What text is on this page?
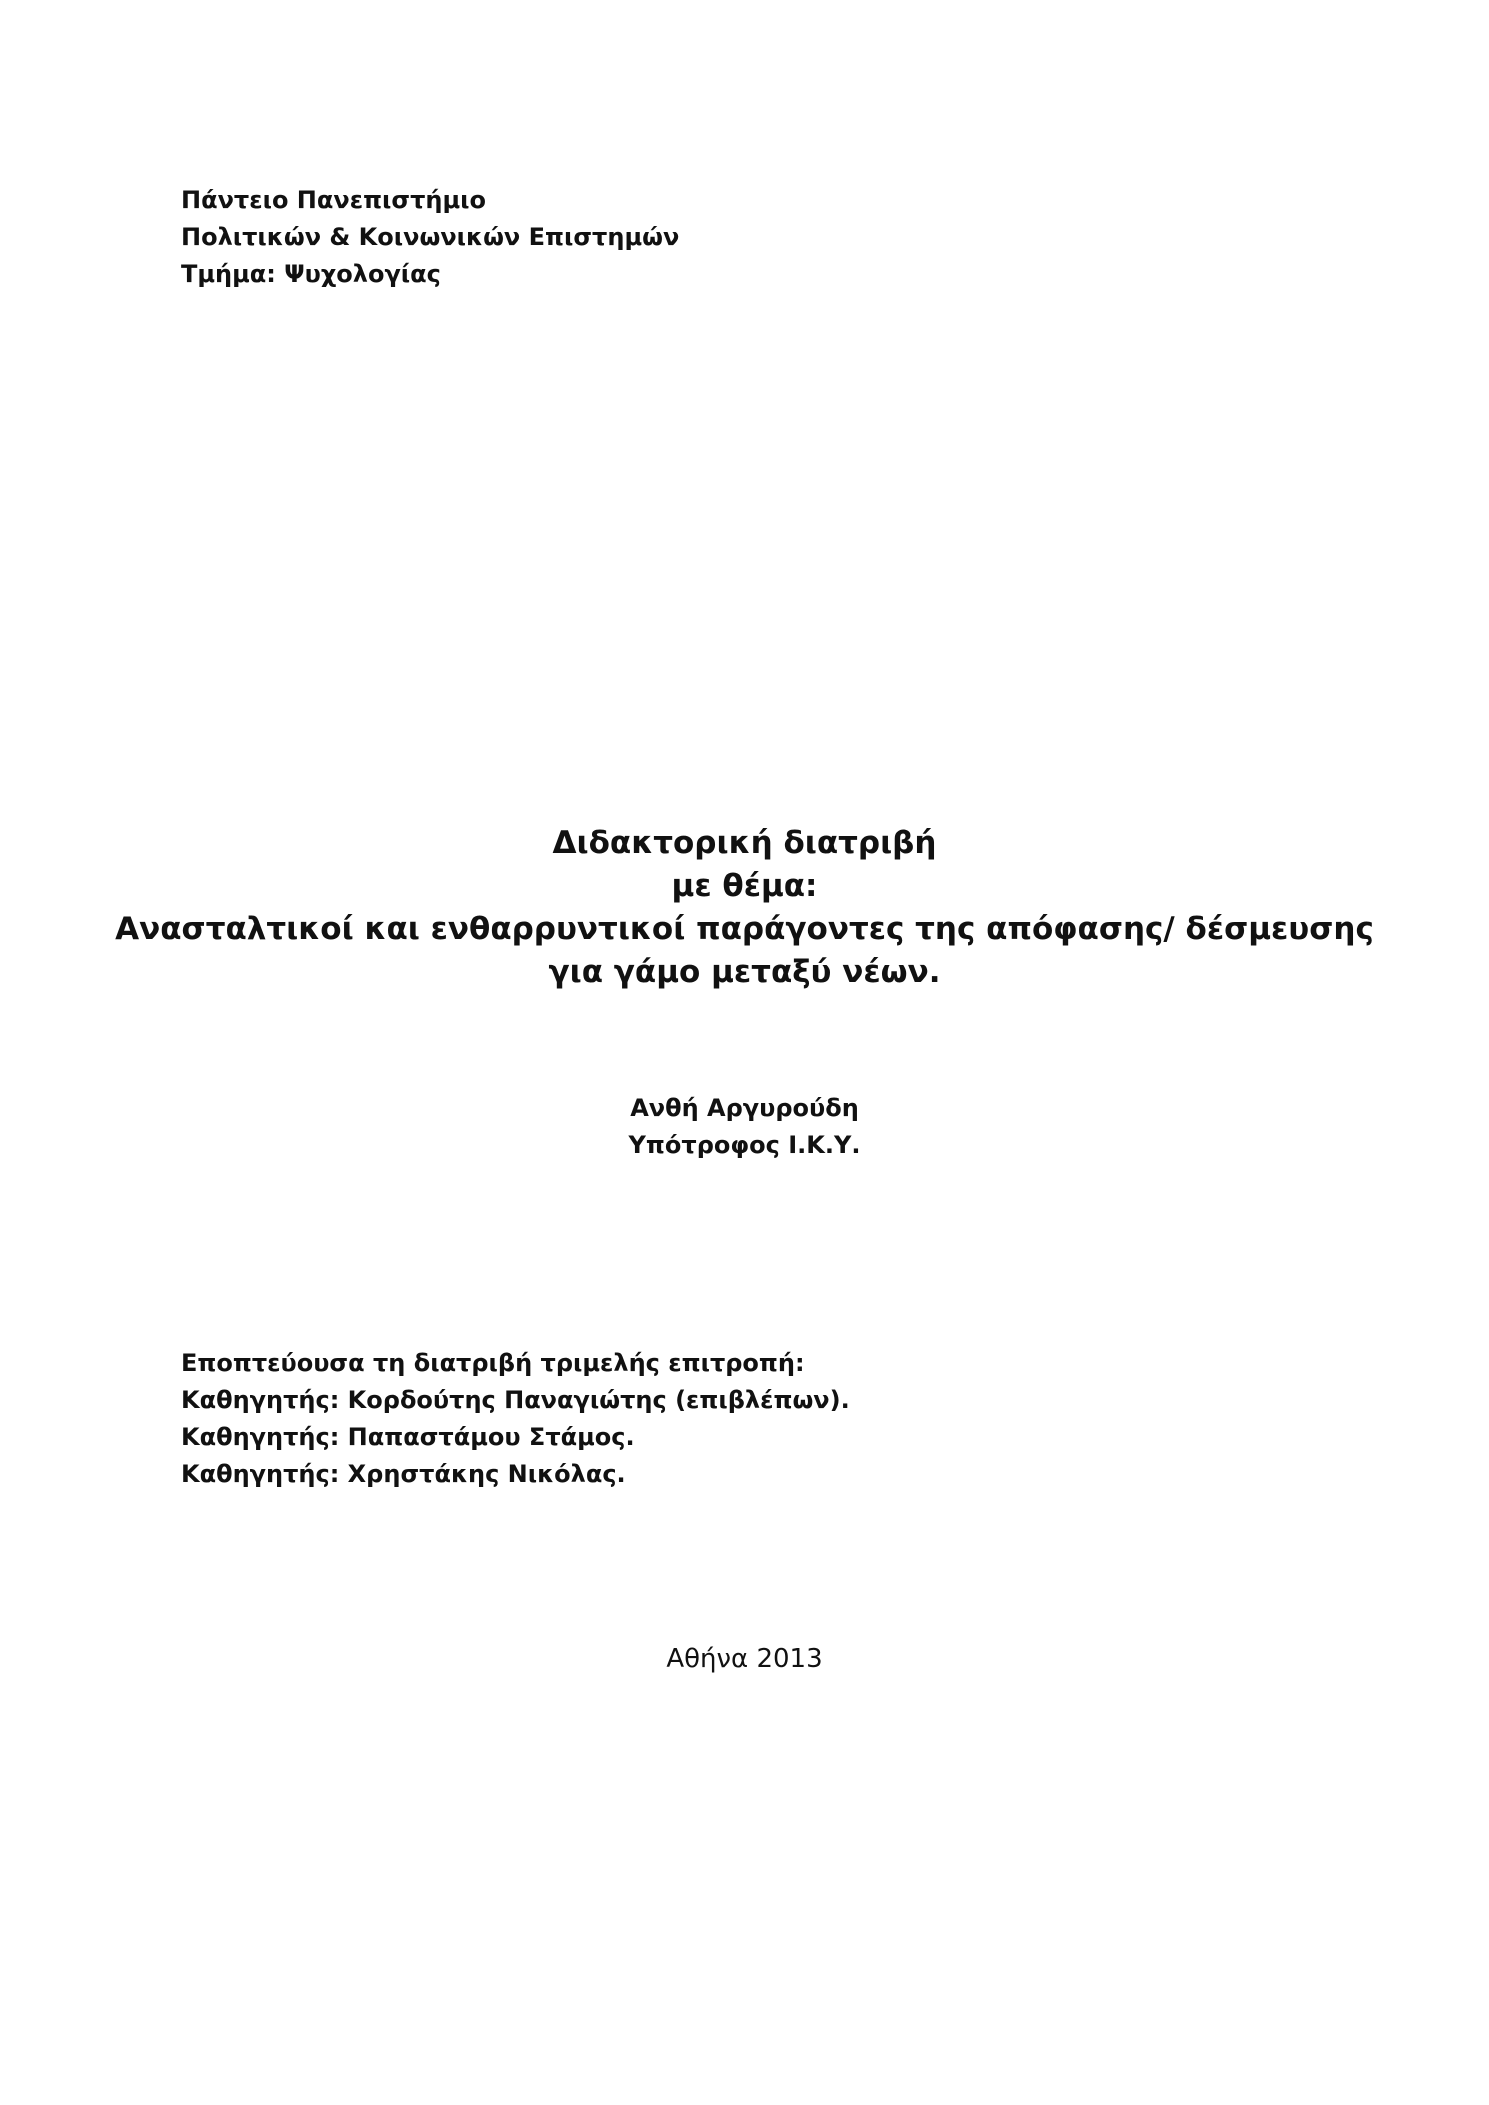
Πάντειο Πανεπιστήμιο
Πολιτικών & Κοινωνικών Επιστημών
Τμήμα: Ψυχολογίας
Διδακτορική διατριβή
με θέμα:
Ανασταλτικοί και ενθαρρυντικοί παράγοντες της απόφασης/ δέσμευσης
για γάμο μεταξύ νέων.
Ανθή Αργυρούδη
Υπότροφος Ι.Κ.Υ.
Εποπτεύουσα τη διατριβή τριμελής επιτροπή:
Καθηγητής: Κορδούτης Παναγιώτης (επιβλέπων).
Καθηγητής: Παπαστάμου Στάμος.
Καθηγητής: Χρηστάκης Νικόλας.
Αθήνα 2013
